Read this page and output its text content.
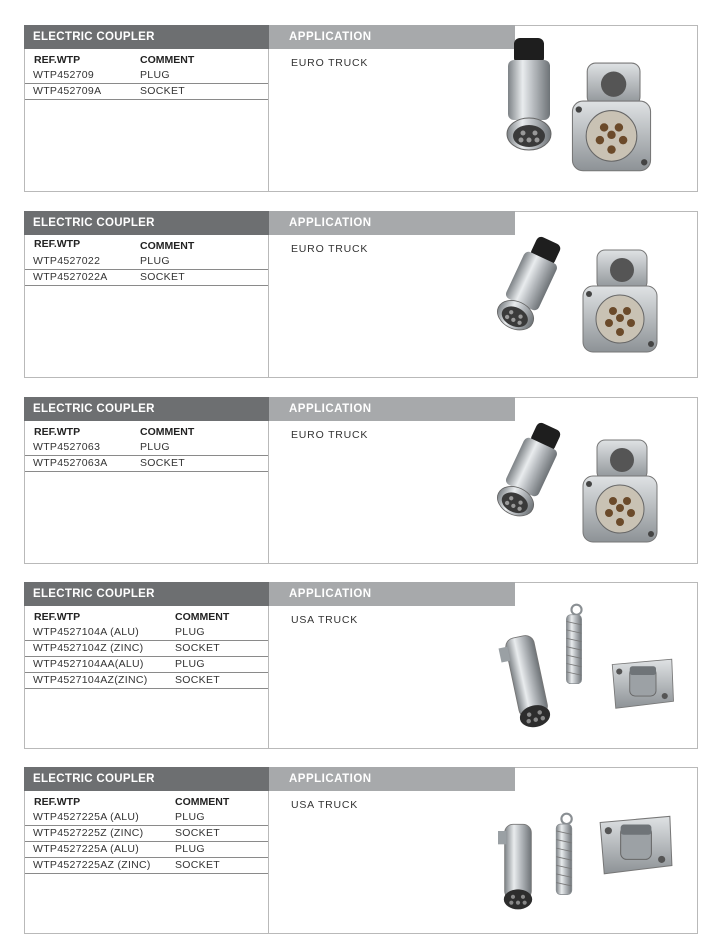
ELECTRIC COUPLER	APPLICATION
REF.WTP	COMMENT
WTP452709	PLUG
WTP452709A	SOCKET
EURO TRUCK
ELECTRIC COUPLER	APPLICATION
REF.WTP	COMMENT
WTP4527022	PLUG
WTP4527022A	SOCKET
EURO TRUCK
ELECTRIC COUPLER	APPLICATION
REF.WTP	COMMENT
WTP4527063	PLUG
WTP4527063A	SOCKET
EURO TRUCK
ELECTRIC COUPLER	APPLICATION
REF.WTP	COMMENT
WTP4527104A (ALU)	PLUG
WTP4527104Z (ZINC)	SOCKET
WTP4527104AA(ALU)	PLUG
WTP4527104AZ(ZINC)	SOCKET
USA TRUCK
ELECTRIC COUPLER	APPLICATION
REF.WTP	COMMENT
WTP4527225A (ALU)	PLUG
WTP4527225Z (ZINC)	SOCKET
WTP4527225A (ALU)	PLUG
WTP4527225AZ (ZINC) SOCKET
USA TRUCK
